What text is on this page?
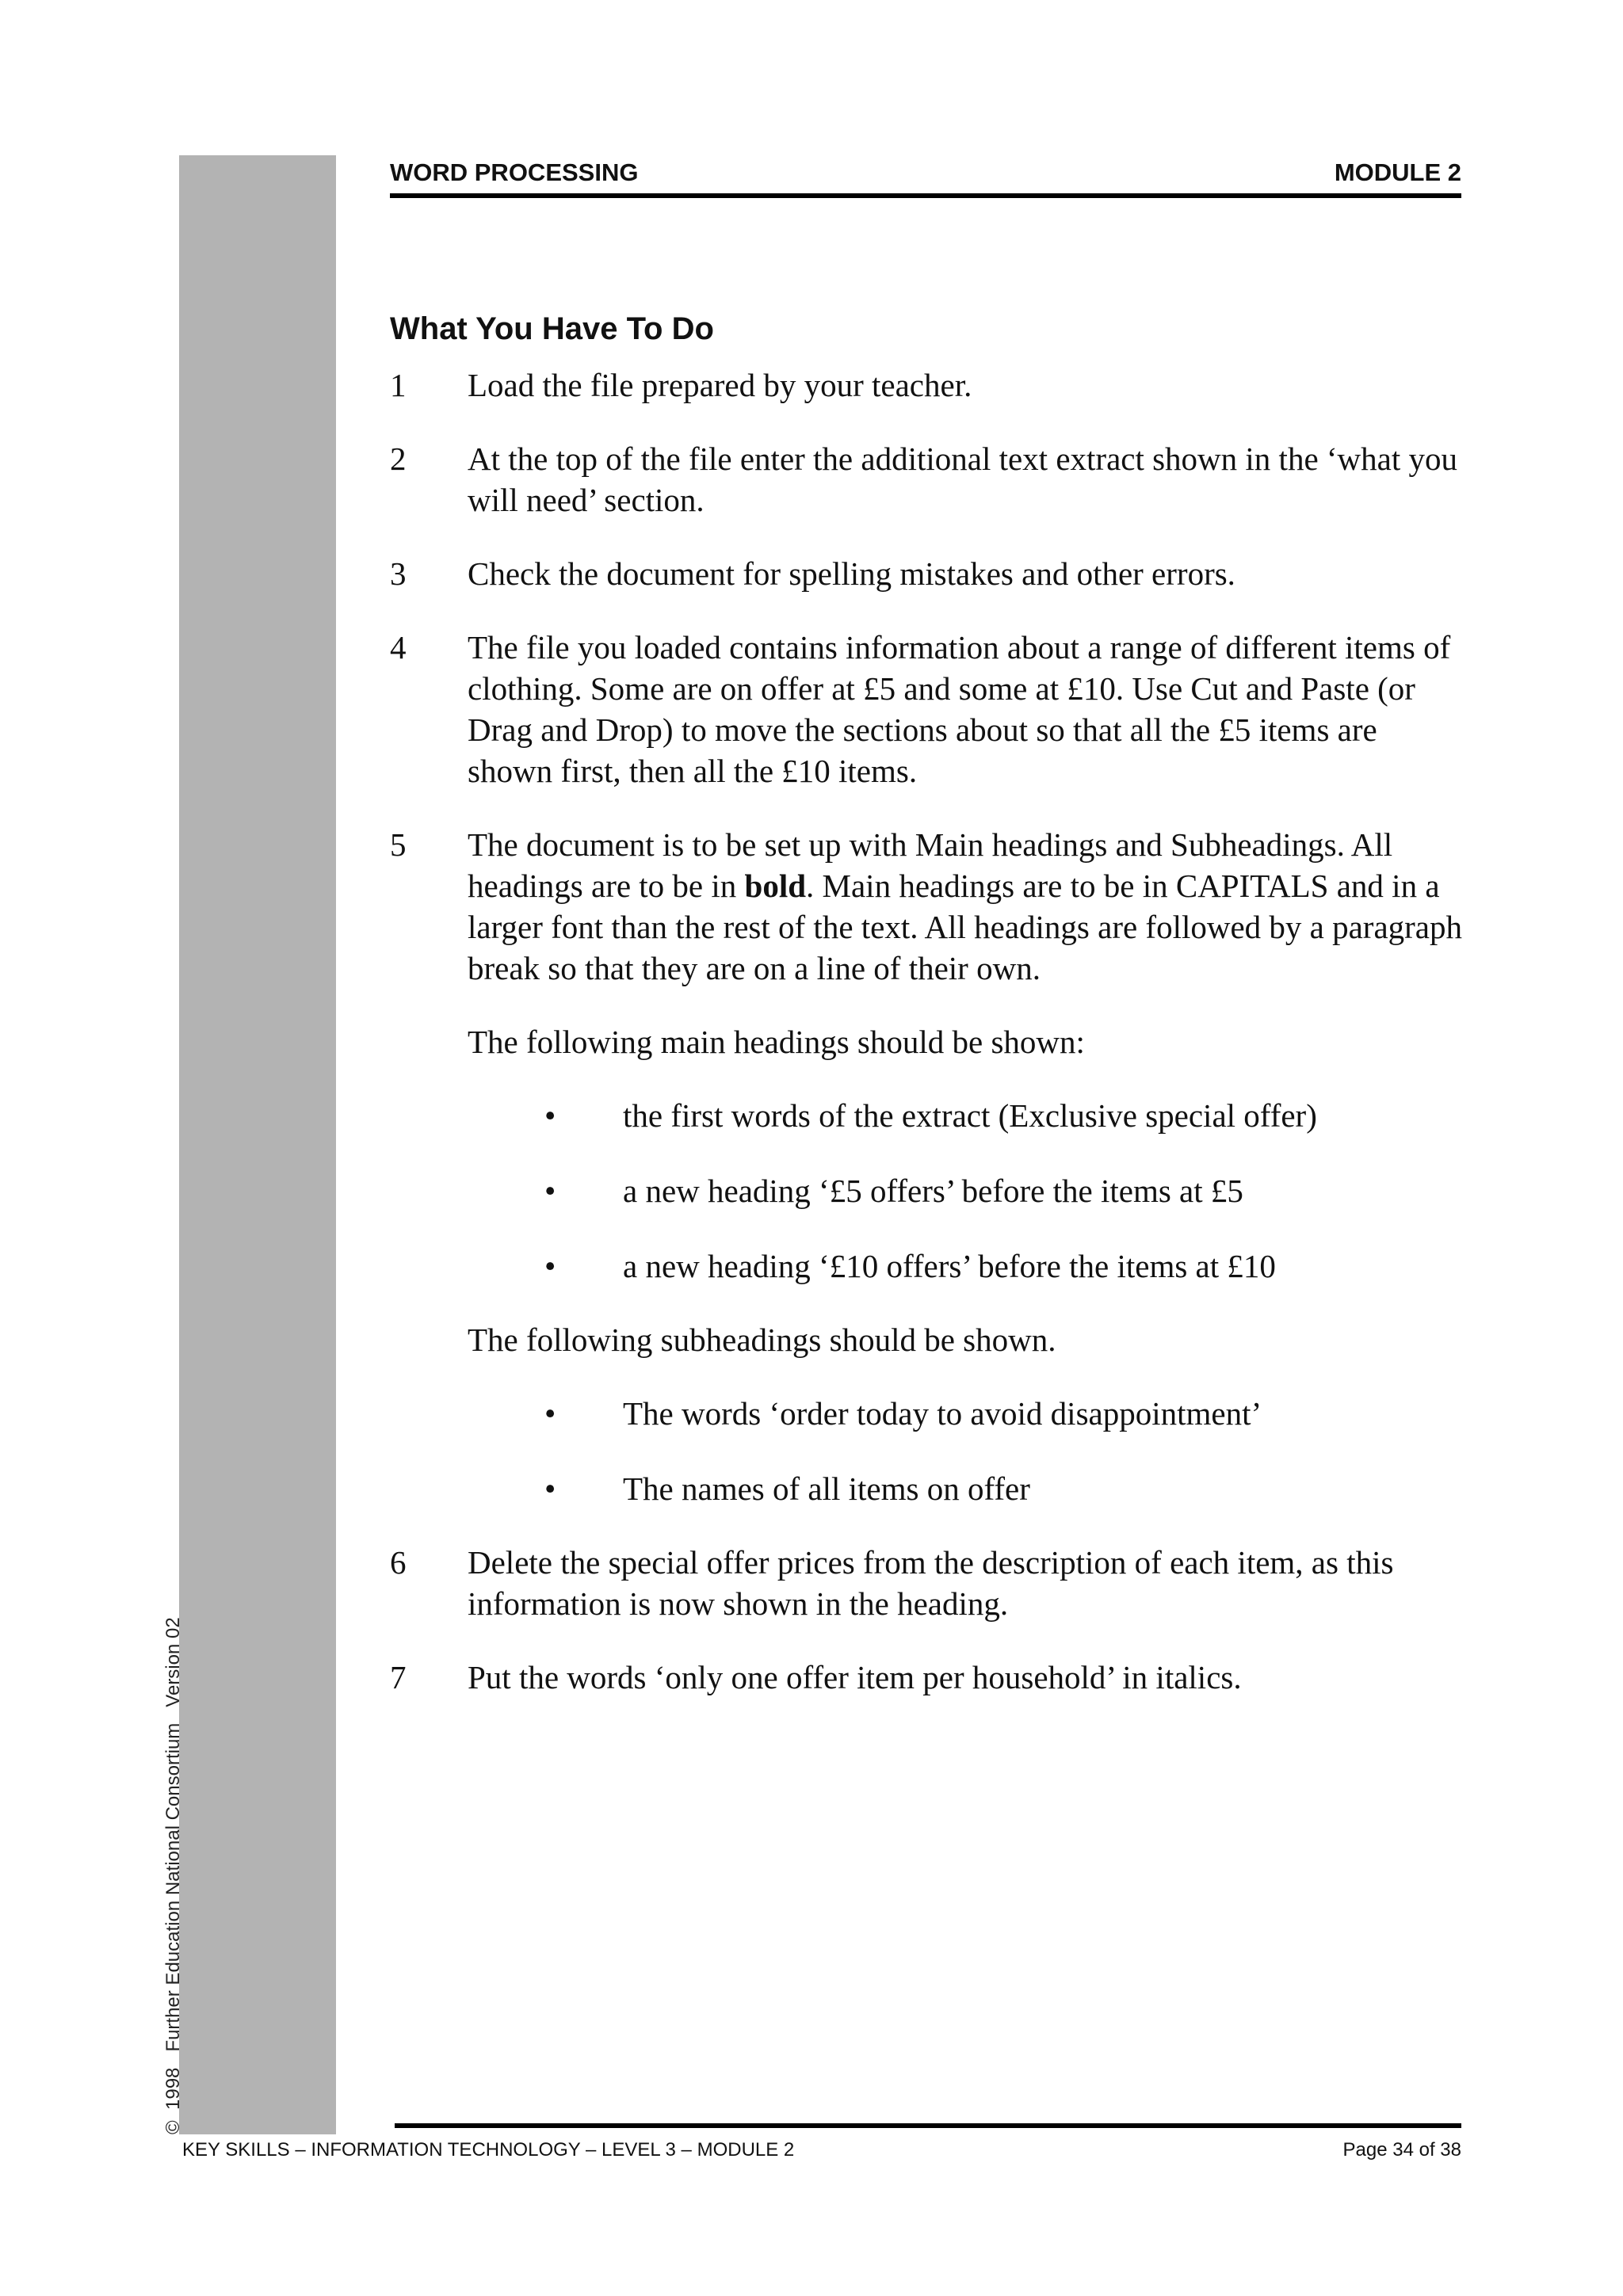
©  1998   Further Education National Consortium   Version 02
WORD PROCESSING	MODULE 2
What You Have To Do
1 Load the file prepared by your teacher.
2 At the top of the file enter the additional text extract shown in the ‘what you will need’ section.
3 Check the document for spelling mistakes and other errors.
4 The file you loaded contains information about a range of different items of clothing. Some are on offer at £5 and some at £10. Use Cut and Paste (or Drag and Drop) to move the sections about so that all the £5 items are shown first, then all the £10 items.
5 The document is to be set up with Main headings and Subheadings. All headings are to be in bold. Main headings are to be in CAPITALS and in a larger font than the rest of the text. All headings are followed by a paragraph break so that they are on a line of their own.
The following main headings should be shown:
• the first words of the extract (Exclusive special offer)
• a new heading ‘£5 offers’ before the items at £5
• a new heading ‘£10 offers’ before the items at £10
The following subheadings should be shown.
• The words ‘order today to avoid disappointment’
• The names of all items on offer
6 Delete the special offer prices from the description of each item, as this information is now shown in the heading.
7 Put the words ‘only one offer item per household’ in italics.
KEY SKILLS – INFORMATION TECHNOLOGY – LEVEL 3 – MODULE 2	Page 34 of 38
